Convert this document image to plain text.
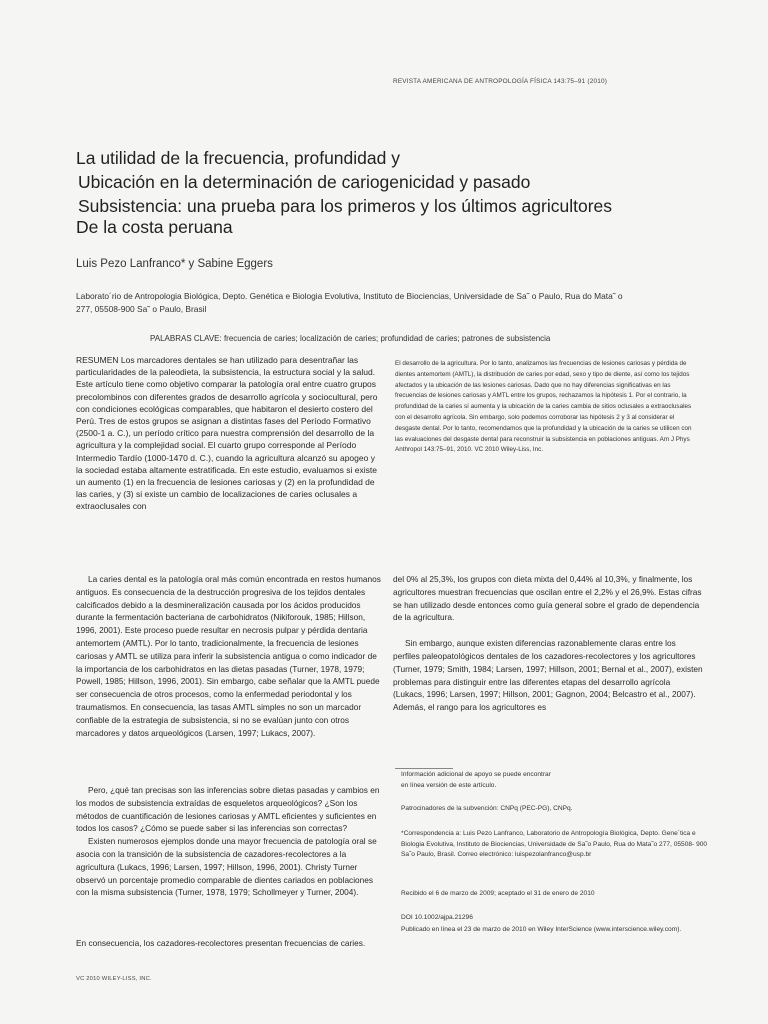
REVISTA AMERICANA DE ANTROPOLOGÍA FÍSICA 143:75–91 (2010)
La utilidad de la frecuencia, profundidad y
Ubicación en la determinación de cariogenicidad y pasado
Subsistencia: una prueba para los primeros y los últimos agricultores
De la costa peruana
Luis Pezo Lanfranco* y Sabine Eggers
Laborato´rio de Antropologia Biológica, Depto. Genética e Biologia Evolutiva, Instituto de Biociencias, Universidade de Sa˜ o Paulo, Rua do Mata˜ o 277, 05508-900 Sa˜ o Paulo, Brasil
PALABRAS CLAVE: frecuencia de caries; localización de caries; profundidad de caries; patrones de subsistencia
RESUMEN Los marcadores dentales se han utilizado para desentrañar las particularidades de la paleodieta, la subsistencia, la estructura social y la salud. Este artículo tiene como objetivo comparar la patología oral entre cuatro grupos precolombinos con diferentes grados de desarrollo agrícola y sociocultural, pero con condiciones ecológicas comparables, que habitaron el desierto costero del Perú. Tres de estos grupos se asignan a distintas fases del Período Formativo (2500-1 a. C.), un período crítico para nuestra comprensión del desarrollo de la agricultura y la complejidad social. El cuarto grupo corresponde al Período Intermedio Tardío (1000-1470 d. C.), cuando la agricultura alcanzó su apogeo y la sociedad estaba altamente estratificada. En este estudio, evaluamos si existe un aumento (1) en la frecuencia de lesiones cariosas y (2) en la profundidad de las caries, y (3) si existe un cambio de localizaciones de caries oclusales a extraoclusales con
El desarrollo de la agricultura. Por lo tanto, analizamos las frecuencias de lesiones cariosas y pérdida de dientes antemortem (AMTL), la distribución de caries por edad, sexo y tipo de diente, así como los tejidos afectados y la ubicación de las lesiones cariosas. Dado que no hay diferencias significativas en las frecuencias de lesiones cariosas y AMTL entre los grupos, rechazamos la hipótesis 1. Por el contrario, la profundidad de la caries sí aumenta y la ubicación de la caries cambia de sitios oclusales a extraoclusales con el desarrollo agrícola. Sin embargo, solo podemos corroborar las hipótesis 2 y 3 al considerar el desgaste dental. Por lo tanto, recomendamos que la profundidad y la ubicación de la caries se utilicen con las evaluaciones del desgaste dental para reconstruir la subsistencia en poblaciones antiguas. Am J Phys Anthropol 143:75–91, 2010. VC 2010 Wiley-Liss, Inc.

La caries dental es la patología oral más común encontrada en restos humanos antiguos. Es consecuencia de la destrucción progresiva de los tejidos dentales calcificados debido a la desmineralización causada por los ácidos producidos durante la fermentación bacteriana de carbohidratos (Nikiforouk, 1985; Hillson, 1996, 2001). Este proceso puede resultar en necrosis pulpar y pérdida dentaria antemortem (AMTL). Por lo tanto, tradicionalmente, la frecuencia de lesiones cariosas y AMTL se utiliza para inferir la subsistencia antigua o como indicador de la importancia de los carbohidratos en las dietas pasadas (Turner, 1978, 1979; Powell, 1985; Hillson, 1996, 2001). Sin embargo, cabe señalar que la AMTL puede ser consecuencia de otros procesos, como la enfermedad periodontal y los traumatismos. En consecuencia, las tasas AMTL simples no son un marcador confiable de la estrategia de subsistencia, si no se evalúan junto con otros marcadores y datos arqueológicos (Larsen, 1997; Lukacs, 2007).

Pero, ¿qué tan precisas son las inferencias sobre dietas pasadas y cambios en los modos de subsistencia extraídas de esqueletos arqueológicos? ¿Son los métodos de cuantificación de lesiones cariosas y AMTL eficientes y suficientes en todos los casos? ¿Cómo se puede saber si las inferencias son correctas?

Existen numerosos ejemplos donde una mayor frecuencia de patología oral se asocia con la transición de la subsistencia de cazadores-recolectores a la agricultura (Lukacs, 1996; Larsen, 1997; Hillson, 1996, 2001). Christy Turner observó un porcentaje promedio comparable de dientes cariados en poblaciones con la misma subsistencia (Turner, 1978, 1979; Schollmeyer y Turner, 2004).

En consecuencia, los cazadores-recolectores presentan frecuencias de caries.

del 0% al 25,3%, los grupos con dieta mixta del 0,44% al 10,3%, y finalmente, los agricultores muestran frecuencias que oscilan entre el 2,2% y el 26,9%. Estas cifras se han utilizado desde entonces como guía general sobre el grado de dependencia de la agricultura.

Sin embargo, aunque existen diferencias razonablemente claras entre los perfiles paleopatológicos dentales de los cazadores-recolectores y los agricultores (Turner, 1979; Smith, 1984; Larsen, 1997; Hillson, 2001; Bernal et al., 2007), existen problemas para distinguir entre las diferentes etapas del desarrollo agrícola (Lukacs, 1996; Larsen, 1997; Hillson, 2001; Gagnon, 2004; Belcastro et al., 2007). Además, el rango para los agricultores es

Información adicional de apoyo se puede encontrar en línea versión de este artículo.
Patrocinadores de la subvención: CNPq (PEC-PG), CNPq.
*Correspondencia a: Luis Pezo Lanfranco, Laboratorio de Antropología Biológica, Depto. Gene´tica e Biologia Evolutiva, Instituto de Biociencias, Universidade de Sa˜o Paulo, Rua do Mata˜o 277, 05508- 900 Sa˜o Paulo, Brasil. Correo electrónico: luispezolanfranco@usp.br
Recibido el 6 de marzo de 2009; aceptado el 31 de enero de 2010
DOI 10.1002/ajpa.21296
Publicado en línea el 23 de marzo de 2010 en Wiley InterScience (www.interscience.wiley.com).
VC 2010 WILEY-LISS, INC.
